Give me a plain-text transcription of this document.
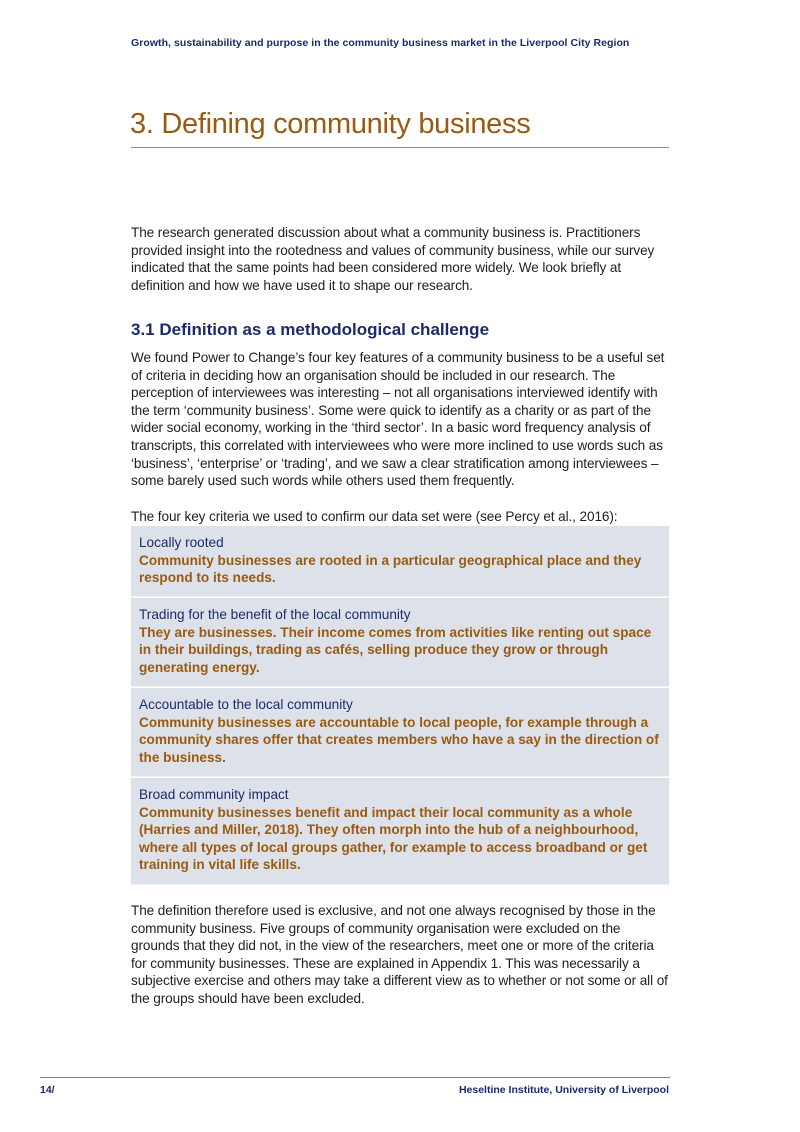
Growth, sustainability and purpose in the community business market in the Liverpool City Region
3. Defining community business

The research generated discussion about what a community business is. Practitioners provided insight into the rootedness and values of community business, while our survey indicated that the same points had been considered more widely. We look briefly at definition and how we have used it to shape our research.

3.1 Definition as a methodological challenge

We found Power to Change’s four key features of a community business to be a useful set of criteria in deciding how an organisation should be included in our research. The perception of interviewees was interesting – not all organisations interviewed identify with the term ‘community business’. Some were quick to identify as a charity or as part of the wider social economy, working in the ‘third sector’. In a basic word frequency analysis of transcripts, this correlated with interviewees who were more inclined to use words such as ‘business’, ‘enterprise’ or ‘trading’, and we saw a clear stratification among interviewees – some barely used such words while others used them frequently.

The four key criteria we used to confirm our data set were (see Percy et al., 2016):

Locally rooted
Community businesses are rooted in a particular geographical place and they respond to its needs.
Trading for the benefit of the local community
They are businesses. Their income comes from activities like renting out space in their buildings, trading as cafés, selling produce they grow or through generating energy.
Accountable to the local community
Community businesses are accountable to local people, for example through a community shares offer that creates members who have a say in the direction of the business.
Broad community impact
Community businesses benefit and impact their local community as a whole (Harries and Miller, 2018). They often morph into the hub of a neighbourhood, where all types of local groups gather, for example to access broadband or get training in vital life skills.

The definition therefore used is exclusive, and not one always recognised by those in the community business. Five groups of community organisation were excluded on the grounds that they did not, in the view of the researchers, meet one or more of the criteria for community businesses. These are explained in Appendix 1. This was necessarily a subjective exercise and others may take a different view as to whether or not some or all of the groups should have been excluded.

14/	Heseltine Institute, University of Liverpool
